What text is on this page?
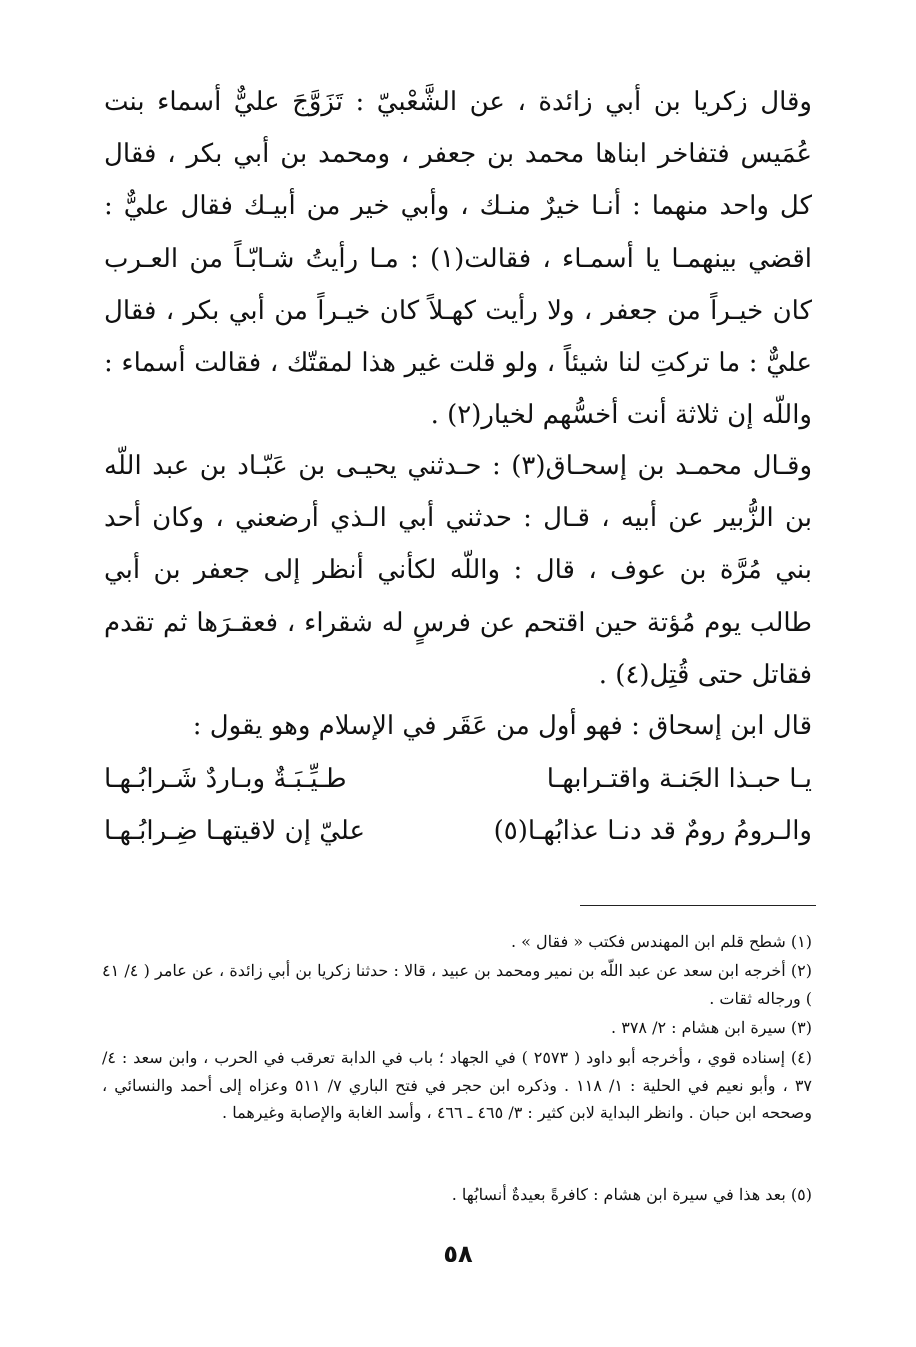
وقال زكريا بن أبي زائدة ، عن الشَّعْبيّ : تَزَوَّجَ عليٌّ أسماء بنت عُمَيس فتفاخر ابناها محمد بن جعفر ، ومحمد بن أبي بكر ، فقال كل واحد منهما : أنـا خيرٌ منـك ، وأبي خير من أبيـك فقال عليٌّ : اقضي بينهمـا يا أسمـاء ، فقالت(١) : مـا رأيتُ شـابّـاً من العـرب كان خيـراً من جعفر ، ولا رأيت كهـلاً كان خيـراً من أبي بكر ، فقال عليٌّ : ما تركتِ لنا شيئاً ، ولو قلت غير هذا لمقتّك ، فقالت أسماء : واللّه إن ثلاثة أنت أخسُّهم لخيار(٢) .

وقـال محمـد بن إسحـاق(٣) : حـدثني يحيـى بن عَبّـاد بن عبد اللّه بن الزُّبير عن أبيه ، قـال : حدثني أبي الـذي أرضعني ، وكان أحد بني مُرَّة بن عوف ، قال : واللّه لكأني أنظر إلى جعفر بن أبي طالب يوم مُؤتة حين اقتحم عن فرسٍ له شقراء ، فعقـرَها ثم تقدم فقاتل حتى قُتِل(٤) .

قال ابن إسحاق : فهو أول من عَقَر في الإسلام وهو يقول :

يـا حبـذا الجَنـة واقتـرابهـا
طـيِّـبَـةٌ وبـاردٌ شَـرابُـهـا
والـرومُ رومٌ قد دنـا عذابُهـا(٥)
عليّ إن لاقيتهـا ضِـرابُـهـا

(١) شطح قلم ابن المهندس فكتب « فقال » .

(٢) أخرجه ابن سعد عن عبد اللّه بن نمير ومحمد بن عبيد ، قالا : حدثنا زكريا بن أبي زائدة ، عن عامر ( ٤/ ٤١ ) ورجاله ثقات .

(٣) سيرة ابن هشام : ٢/ ٣٧٨ .

(٤) إسناده قوي ، وأخرجه أبو داود ( ٢٥٧٣ ) في الجهاد ؛ باب في الدابة تعرقب في الحرب ، وابن سعد : ٤/ ٣٧ ، وأبو نعيم في الحلية : ١/ ١١٨ . وذكره ابن حجر في فتح الباري ٧/ ٥١١ وعزاه إلى أحمد والنسائي ، وصححه ابن حبان . وانظر البداية لابن كثير : ٣/ ٤٦٥ ـ ٤٦٦ ، وأسد الغابة والإصابة وغيرهما .

(٥) بعد هذا في سيرة ابن هشام : كافرةً بعيدةٌ أنسابُها .

٥٨
